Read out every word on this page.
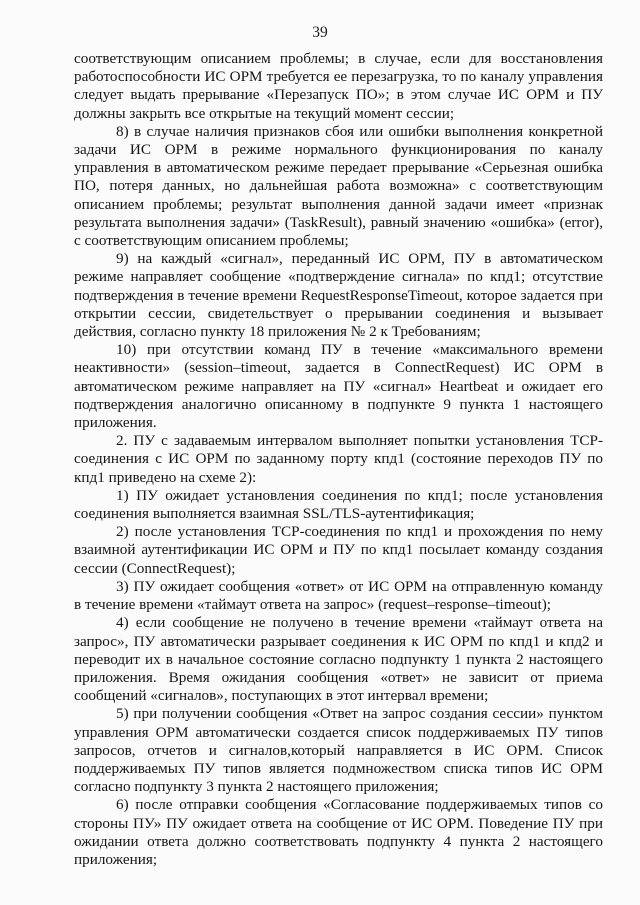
39

соответствующим описанием проблемы; в случае, если для восстановления работоспособности ИС ОРМ требуется ее перезагрузка, то по каналу управления следует выдать прерывание «Перезапуск ПО»; в этом случае ИС ОРМ и ПУ должны закрыть все открытые на текущий момент сессии;

8) в случае наличия признаков сбоя или ошибки выполнения конкретной задачи ИС ОРМ в режиме нормального функционирования по каналу управления в автоматическом режиме передает прерывание «Серьезная ошибка ПО, потеря данных, но дальнейшая работа возможна» с соответствующим описанием проблемы; результат выполнения данной задачи имеет «признак результата выполнения задачи» (TaskResult), равный значению «ошибка» (error), с соответствующим описанием проблемы;

9) на каждый «сигнал», переданный ИС ОРМ, ПУ в автоматическом режиме направляет сообщение «подтверждение сигнала» по кпд1; отсутствие подтверждения в течение времени RequestResponseTimeout, которое задается при открытии сессии, свидетельствует о прерывании соединения и вызывает действия, согласно пункту 18 приложения № 2 к Требованиям;

10) при отсутствии команд ПУ в течение «максимального времени неактивности» (session–timeout, задается в ConnectRequest) ИС ОРМ в автоматическом режиме направляет на ПУ «сигнал» Heartbeat и ожидает его подтверждения аналогично описанному в подпункте 9 пункта 1 настоящего приложения.

2. ПУ с задаваемым интервалом выполняет попытки установления TCP-соединения с ИС ОРМ по заданному порту кпд1 (состояние переходов ПУ по кпд1 приведено на схеме 2):

1) ПУ ожидает установления соединения по кпд1; после установления соединения выполняется взаимная SSL/TLS-аутентификация;

2) после установления TCP-соединения по кпд1 и прохождения по нему взаимной аутентификации ИС ОРМ и ПУ по кпд1 посылает команду создания сессии (ConnectRequest);

3) ПУ ожидает сообщения «ответ» от ИС ОРМ на отправленную команду в течение времени «таймаут ответа на запрос» (request–response–timeout);

4) если сообщение не получено в течение времени «таймаут ответа на запрос», ПУ автоматически разрывает соединения к ИС ОРМ по кпд1 и кпд2 и переводит их в начальное состояние согласно подпункту 1 пункта 2 настоящего приложения. Время ожидания сообщения «ответ» не зависит от приема сообщений «сигналов», поступающих в этот интервал времени;

5) при получении сообщения «Ответ на запрос создания сессии» пунктом управления ОРМ автоматически создается список поддерживаемых ПУ типов запросов, отчетов и сигналов,который направляется в ИС ОРМ. Список поддерживаемых ПУ типов является подмножеством списка типов ИС ОРМ согласно подпункту 3 пункта 2 настоящего приложения;

6) после отправки сообщения «Согласование поддерживаемых типов со стороны ПУ» ПУ ожидает ответа на сообщение от ИС ОРМ. Поведение ПУ при ожидании ответа должно соответствовать подпункту 4 пункта 2 настоящего приложения;
